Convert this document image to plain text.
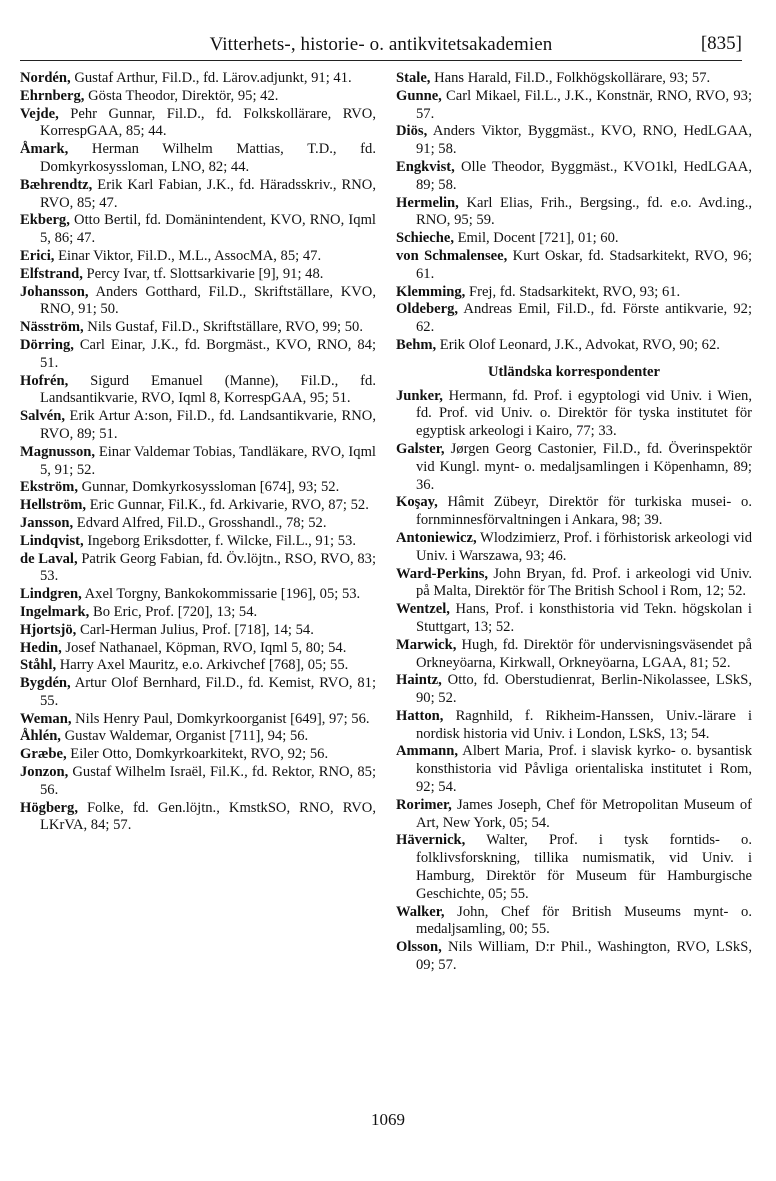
Vitterhets-, historie- o. antikvitetsakademien	[835]

Nordén, Gustaf Arthur, Fil.D., fd. Lärov.adjunkt, 91; 41.

Ehrnberg, Gösta Theodor, Direktör, 95; 42.

Vejde, Pehr Gunnar, Fil.D., fd. Folkskollärare, RVO, KorrespGAA, 85; 44.

Åmark, Herman Wilhelm Mattias, T.D., fd. Domkyrkosyssloman, LNO, 82; 44.

Bæhrendtz, Erik Karl Fabian, J.K., fd. Häradsskriv., RNO, RVO, 85; 47.

Ekberg, Otto Bertil, fd. Domänintendent, KVO, RNO, Iqml 5, 86; 47.

Erici, Einar Viktor, Fil.D., M.L., AssocMA, 85; 47.

Elfstrand, Percy Ivar, tf. Slottsarkivarie [9], 91; 48.

Johansson, Anders Gotthard, Fil.D., Skriftställare, KVO, RNO, 91; 50.

Näsström, Nils Gustaf, Fil.D., Skriftställare, RVO, 99; 50.

Dörring, Carl Einar, J.K., fd. Borgmäst., KVO, RNO, 84; 51.

Hofrén, Sigurd Emanuel (Manne), Fil.D., fd. Landsantikvarie, RVO, Iqml 8, KorrespGAA, 95; 51.

Salvén, Erik Artur A:son, Fil.D., fd. Landsantikvarie, RNO, RVO, 89; 51.

Magnusson, Einar Valdemar Tobias, Tandläkare, RVO, Iqml 5, 91; 52.

Ekström, Gunnar, Domkyrkosyssloman [674], 93; 52.

Hellström, Eric Gunnar, Fil.K., fd. Arkivarie, RVO, 87; 52.

Jansson, Edvard Alfred, Fil.D., Grosshandl., 78; 52.

Lindqvist, Ingeborg Eriksdotter, f. Wilcke, Fil.L., 91; 53.

de Laval, Patrik Georg Fabian, fd. Öv.löjtn., RSO, RVO, 83; 53.

Lindgren, Axel Torgny, Bankokommissarie [196], 05; 53.

Ingelmark, Bo Eric, Prof. [720], 13; 54.

Hjortsjö, Carl-Herman Julius, Prof. [718], 14; 54.

Hedin, Josef Nathanael, Köpman, RVO, Iqml 5, 80; 54.

Ståhl, Harry Axel Mauritz, e.o. Arkivchef [768], 05; 55.

Bygdén, Artur Olof Bernhard, Fil.D., fd. Kemist, RVO, 81; 55.

Weman, Nils Henry Paul, Domkyrkoorganist [649], 97; 56.

Åhlén, Gustav Waldemar, Organist [711], 94; 56.

Græbe, Eiler Otto, Domkyrkoarkitekt, RVO, 92; 56.

Jonzon, Gustaf Wilhelm Israël, Fil.K., fd. Rektor, RNO, 85; 56.

Högberg, Folke, fd. Gen.löjtn., KmstkSO, RNO, RVO, LKrVA, 84; 57.

Stale, Hans Harald, Fil.D., Folkhögskollärare, 93; 57.

Gunne, Carl Mikael, Fil.L., J.K., Konstnär, RNO, RVO, 93; 57.

Diös, Anders Viktor, Byggmäst., KVO, RNO, HedLGAA, 91; 58.

Engkvist, Olle Theodor, Byggmäst., KVO1kl, HedLGAA, 89; 58.

Hermelin, Karl Elias, Frih., Bergsing., fd. e.o. Avd.ing., RNO, 95; 59.

Schieche, Emil, Docent [721], 01; 60.

von Schmalensee, Kurt Oskar, fd. Stadsarkitekt, RVO, 96; 61.

Klemming, Frej, fd. Stadsarkitekt, RVO, 93; 61.

Oldeberg, Andreas Emil, Fil.D., fd. Förste antikvarie, 92; 62.

Behm, Erik Olof Leonard, J.K., Advokat, RVO, 90; 62.

Utländska korrespondenter

Junker, Hermann, fd. Prof. i egyptologi vid Univ. i Wien, fd. Prof. vid Univ. o. Direktör för tyska institutet för egyptisk arkeologi i Kairo, 77; 33.

Galster, Jørgen Georg Castonier, Fil.D., fd. Överinspektör vid Kungl. mynt- o. medaljsamlingen i Köpenhamn, 89; 36.

Koşay, Hâmit Zübeyr, Direktör för turkiska musei- o. fornminnesförvaltningen i Ankara, 98; 39.

Antoniewicz, Wlodzimierz, Prof. i förhistorisk arkeologi vid Univ. i Warszawa, 93; 46.

Ward-Perkins, John Bryan, fd. Prof. i arkeologi vid Univ. på Malta, Direktör för The British School i Rom, 12; 52.

Wentzel, Hans, Prof. i konsthistoria vid Tekn. högskolan i Stuttgart, 13; 52.

Marwick, Hugh, fd. Direktör för undervisningsväsendet på Orkneyöarna, Kirkwall, Orkneyöarna, LGAA, 81; 52.

Haintz, Otto, fd. Oberstudienrat, Berlin-Nikolassee, LSkS, 90; 52.

Hatton, Ragnhild, f. Rikheim-Hanssen, Univ.-lärare i nordisk historia vid Univ. i London, LSkS, 13; 54.

Ammann, Albert Maria, Prof. i slavisk kyrko- o. bysantisk konsthistoria vid Påvliga orientaliska institutet i Rom, 92; 54.

Rorimer, James Joseph, Chef för Metropolitan Museum of Art, New York, 05; 54.

Hävernick, Walter, Prof. i tysk forntids- o. folklivsforskning, tillika numismatik, vid Univ. i Hamburg, Direktör för Museum für Hamburgische Geschichte, 05; 55.

Walker, John, Chef för British Museums mynt- o. medaljsamling, 00; 55.

Olsson, Nils William, D:r Phil., Washington, RVO, LSkS, 09; 57.

1069
